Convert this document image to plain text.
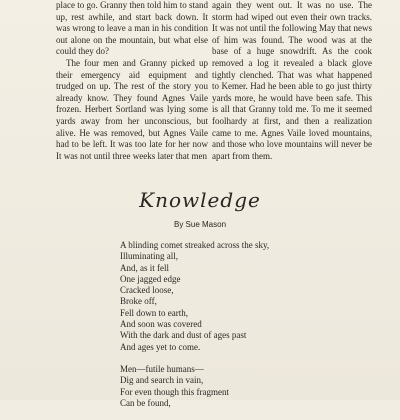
place to go. Granny then told him to stand up, rest awhile, and start back down. It was wrong to leave a man in his condition out alone on the mountain, but what else could they do?

The four men and Granny picked up their emergency aid equipment and trudged on up. The rest of the story you already know. They found Agnes Vaile frozen. Herbert Sortland was lying some yards away from her unconscious, but alive. He was removed, but Agnes Vaile had to be left. It was too late for her now It was not until three weeks later that men

again they went out. It was no use. The storm had wiped out even their own tracks. It was not until the following May that news of him was found. The wood was at the base of a huge snowdrift. As the cook removed a log it revealed a black glove tightly clenched. That was what happened to Kemer. Had he been able to go just thirty yards more, he would have been safe. This is all that Granny told me. To me it seemed foolhardy at first, and then a realization came to me. Agnes Vaile loved mountains, and those who love mountains will never be apart from them.

Knowledge
By Sue Mason
A blinding comet streaked across the sky,
Illuminating all,
And, as it fell
One jagged edge
Cracked loose,
Broke off,
Fell down to earth,
And soon was covered
With the dark and dust of ages past
And ages yet to come.
Men—futile humans—
Dig and search in vain,
For even though this fragment
Can be found,
